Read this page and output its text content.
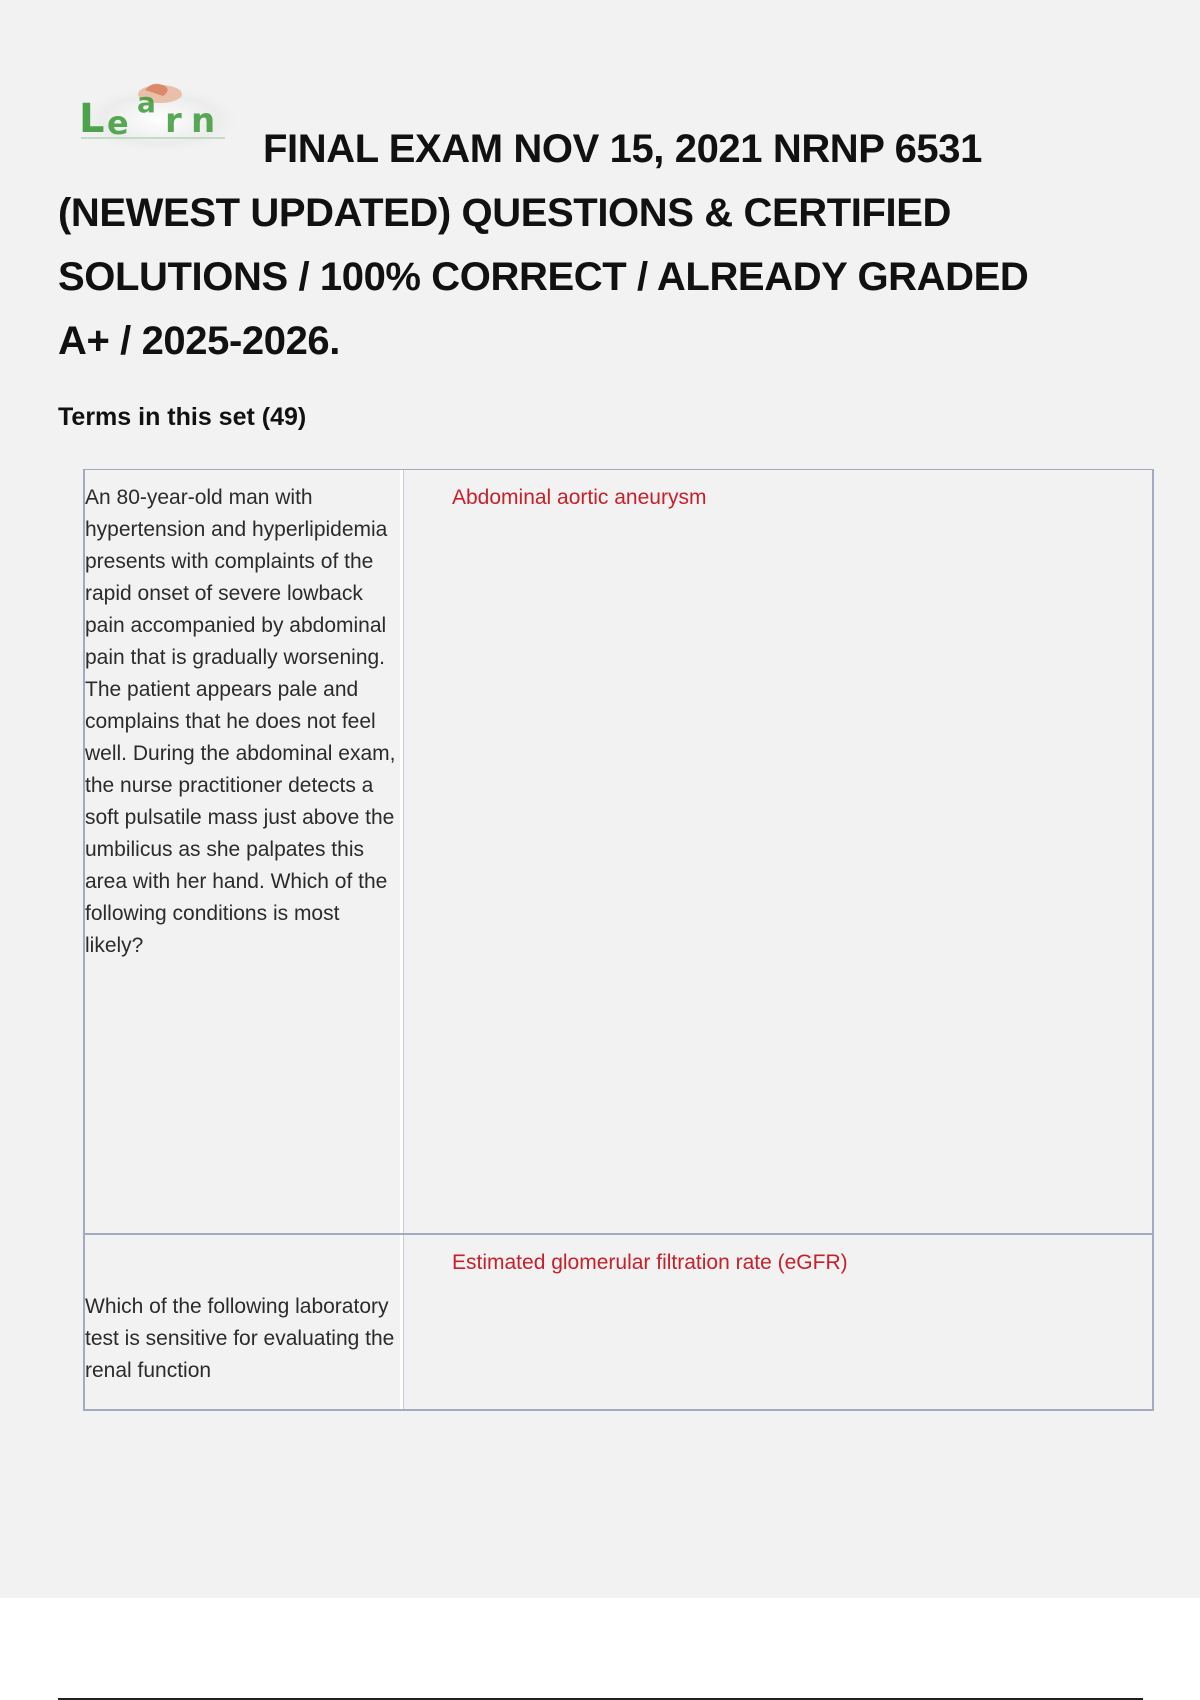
L e
a r n
FINAL EXAM NOV 15, 2021 NRNP 6531 (NEWEST UPDATED) QUESTIONS & CERTIFIED SOLUTIONS / 100% CORRECT / ALREADY GRADED A+ / 2025-2026.
Terms in this set (49)
An 80-year-old man with hypertension and hyperlipidemia presents with complaints of the rapid onset of severe lowback pain accompanied by abdominal pain that is gradually worsening. The patient appears pale and complains that he does not feel well. During the abdominal exam, the nurse practitioner detects a soft pulsatile mass just above the umbilicus as she palpates this area with her hand. Which of the following conditions is most likely?
Abdominal aortic aneurysm
Which of the following laboratory test is sensitive for evaluating the renal function
Estimated glomerular filtration rate (eGFR)
